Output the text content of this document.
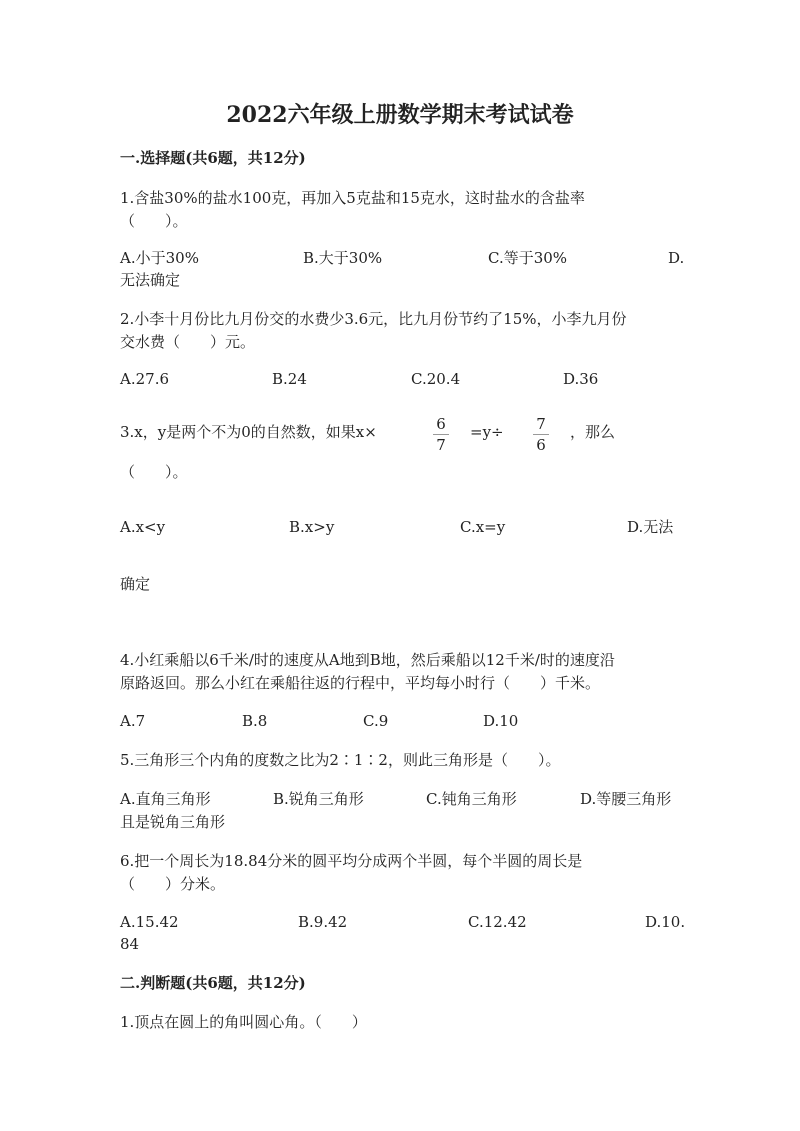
2022六年级上册数学期末考试试卷
一.选择题(共6题，共12分)
1.含盐30%的盐水100克，再加入5克盐和15克水，这时盐水的含盐率
（　　）。
A.小于30%	B.大于30%	C.等于30%	D.
无法确定
2.小李十月份比九月份交的水费少3.6元，比九月份节约了15%，小李九月份
交水费（　　）元。
A.27.6	B.24	C.20.4	D.36
3.x，y是两个不为0的自然数，如果x×	6
7
=y÷	7
6
，那么
（　　）。
A.x<y	B.x>y	C.x=y	D.无法
确定
4.小红乘船以6千米/时的速度从A地到B地，然后乘船以12千米/时的速度沿
原路返回。那么小红在乘船往返的行程中，平均每小时行（　　）千米。
A.7	B.8	C.9	D.10
5.三角形三个内角的度数之比为2∶1∶2，则此三角形是（　　）。
A.直角三角形	B.锐角三角形	C.钝角三角形	D.等腰三角形
且是锐角三角形
6.把一个周长为18.84分米的圆平均分成两个半圆，每个半圆的周长是
（　　）分米。
A.15.42	B.9.42	C.12.42	D.10.
84
二.判断题(共6题，共12分)
1.顶点在圆上的角叫圆心角。（　　）
